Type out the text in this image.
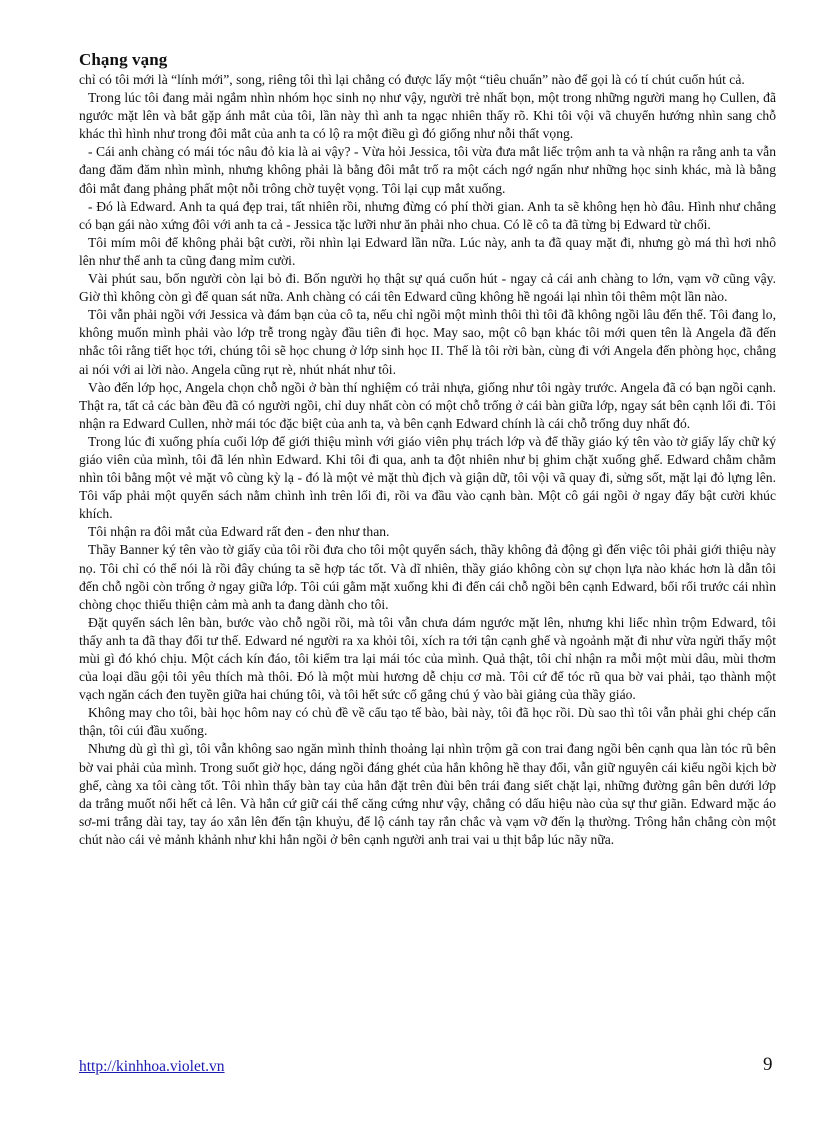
Chạng vạng

chỉ có tôi mới là “lính mới”, song, riêng tôi thì lại chẳng có được lấy một “tiêu chuẩn” nào để gọi là có tí chút cuốn hút cả.

Trong lúc tôi đang mải ngắm nhìn nhóm học sinh nọ như vậy, người trẻ nhất bọn, một trong những người mang họ Cullen, đã ngước mặt lên và bắt gặp ánh mắt của tôi, lần này thì anh ta ngạc nhiên thấy rõ. Khi tôi vội vã chuyển hướng nhìn sang chỗ khác thì hình như trong đôi mắt của anh ta có lộ ra một điều gì đó giống như nỗi thất vọng.

- Cái anh chàng có mái tóc nâu đỏ kia là ai vậy? - Vừa hỏi Jessica, tôi vừa đưa mắt liếc trộm anh ta và nhận ra rằng anh ta vẫn đang đăm đăm nhìn mình, nhưng không phải là bằng đôi mắt trố ra một cách ngớ ngẩn như những học sinh khác, mà là bằng đôi mắt đang phảng phất một nỗi trông chờ tuyệt vọng. Tôi lại cụp mắt xuống.

- Đó là Edward. Anh ta quá đẹp trai, tất nhiên rồi, nhưng đừng có phí thời gian. Anh ta sẽ không hẹn hò đâu. Hình như chẳng có bạn gái nào xứng đôi với anh ta cả - Jessica tặc lưỡi như ăn phải nho chua. Có lẽ cô ta đã từng bị Edward từ chối.

Tôi mím môi để không phải bật cười, rồi nhìn lại Edward lần nữa. Lúc này, anh ta đã quay mặt đi, nhưng gò má thì hơi nhô lên như thể anh ta cũng đang mỉm cười.

Vài phút sau, bốn người còn lại bỏ đi. Bốn người họ thật sự quá cuốn hút - ngay cả cái anh chàng to lớn, vạm vỡ cũng vậy. Giờ thì không còn gì để quan sát nữa. Anh chàng có cái tên Edward cũng không hề ngoái lại nhìn tôi thêm một lần nào.

Tôi vẫn phải ngồi với Jessica và đám bạn của cô ta, nếu chỉ ngồi một mình thôi thì tôi đã không ngồi lâu đến thế. Tôi đang lo, không muốn mình phải vào lớp trễ trong ngày đầu tiên đi học. May sao, một cô bạn khác tôi mới quen tên là Angela đã đến nhắc tôi rằng tiết học tới, chúng tôi sẽ học chung ở lớp sinh học II. Thế là tôi rời bàn, cùng đi với Angela đến phòng học, chẳng ai nói với ai lời nào. Angela cũng rụt rè, nhút nhát như tôi.

Vào đến lớp học, Angela chọn chỗ ngồi ở bàn thí nghiệm có trải nhựa, giống như tôi ngày trước. Angela đã có bạn ngồi cạnh. Thật ra, tất cả các bàn đều đã có người ngồi, chỉ duy nhất còn có một chỗ trống ở cái bàn giữa lớp, ngay sát bên cạnh lối đi. Tôi nhận ra Edward Cullen, nhờ mái tóc đặc biệt của anh ta, và bên cạnh Edward chính là cái chỗ trống duy nhất đó.

Trong lúc đi xuống phía cuối lớp để giới thiệu mình với giáo viên phụ trách lớp và để thầy giáo ký tên vào tờ giấy lấy chữ ký giáo viên của mình, tôi đã lén nhìn Edward. Khi tôi đi qua, anh ta đột nhiên như bị ghim chặt xuống ghế. Edward chằm chằm nhìn tôi bằng một vẻ mặt vô cùng kỳ lạ - đó là một vẻ mặt thù địch và giận dữ, tôi vội vã quay đi, sửng sốt, mặt lại đỏ lựng lên. Tôi vấp phải một quyển sách nằm chình ình trên lối đi, rồi va đầu vào cạnh bàn. Một cô gái ngồi ở ngay đấy bật cười khúc khích.

Tôi nhận ra đôi mắt của Edward rất đen - đen như than.

Thầy Banner ký tên vào tờ giấy của tôi rồi đưa cho tôi một quyển sách, thầy không đả động gì đến việc tôi phải giới thiệu này nọ. Tôi chỉ có thể nói là rồi đây chúng ta sẽ hợp tác tốt. Và dĩ nhiên, thầy giáo không còn sự chọn lựa nào khác hơn là dẫn tôi đến chỗ ngồi còn trống ở ngay giữa lớp. Tôi cúi gằm mặt xuống khi đi đến cái chỗ ngồi bên cạnh Edward, bối rối trước cái nhìn chòng chọc thiếu thiện cảm mà anh ta đang dành cho tôi.

Đặt quyển sách lên bàn, bước vào chỗ ngồi rồi, mà tôi vẫn chưa dám ngước mặt lên, nhưng khi liếc nhìn trộm Edward, tôi thấy anh ta đã thay đổi tư thế. Edward né người ra xa khỏi tôi, xích ra tới tận cạnh ghế và ngoảnh mặt đi như vừa ngửi thấy một mùi gì đó khó chịu. Một cách kín đáo, tôi kiểm tra lại mái tóc của mình. Quả thật, tôi chỉ nhận ra mỗi một mùi dâu, mùi thơm của loại dầu gội tôi yêu thích mà thôi. Đó là một mùi hương dễ chịu cơ mà. Tôi cứ để tóc rũ qua bờ vai phải, tạo thành một vạch ngăn cách đen tuyền giữa hai chúng tôi, và tôi hết sức cố gắng chú ý vào bài giảng của thầy giáo.

Không may cho tôi, bài học hôm nay có chủ đề về cấu tạo tế bào, bài này, tôi đã học rồi. Dù sao thì tôi vẫn phải ghi chép cẩn thận, tôi cúi đầu xuống.

Nhưng dù gì thì gì, tôi vẫn không sao ngăn mình thỉnh thoảng lại nhìn trộm gã con trai đang ngồi bên cạnh qua làn tóc rũ bên bờ vai phải của mình. Trong suốt giờ học, dáng ngồi đáng ghét của hắn không hề thay đổi, vẫn giữ nguyên cái kiểu ngồi kịch bờ ghế, càng xa tôi càng tốt. Tôi nhìn thấy bàn tay của hắn đặt trên đùi bên trái đang siết chặt lại, những đường gân bên dưới lớp da trắng muốt nổi hết cả lên. Và hắn cứ giữ cái thế căng cứng như vậy, chẳng có dấu hiệu nào của sự thư giãn. Edward mặc áo sơ-mi trắng dài tay, tay áo xắn lên đến tận khuỷu, để lộ cánh tay rắn chắc và vạm vỡ đến lạ thường. Trông hắn chẳng còn một chút nào cái vẻ mảnh khảnh như khi hắn ngồi ở bên cạnh người anh trai vai u thịt bắp lúc nãy nữa.

http://kinhhoa.violet.vn	9
